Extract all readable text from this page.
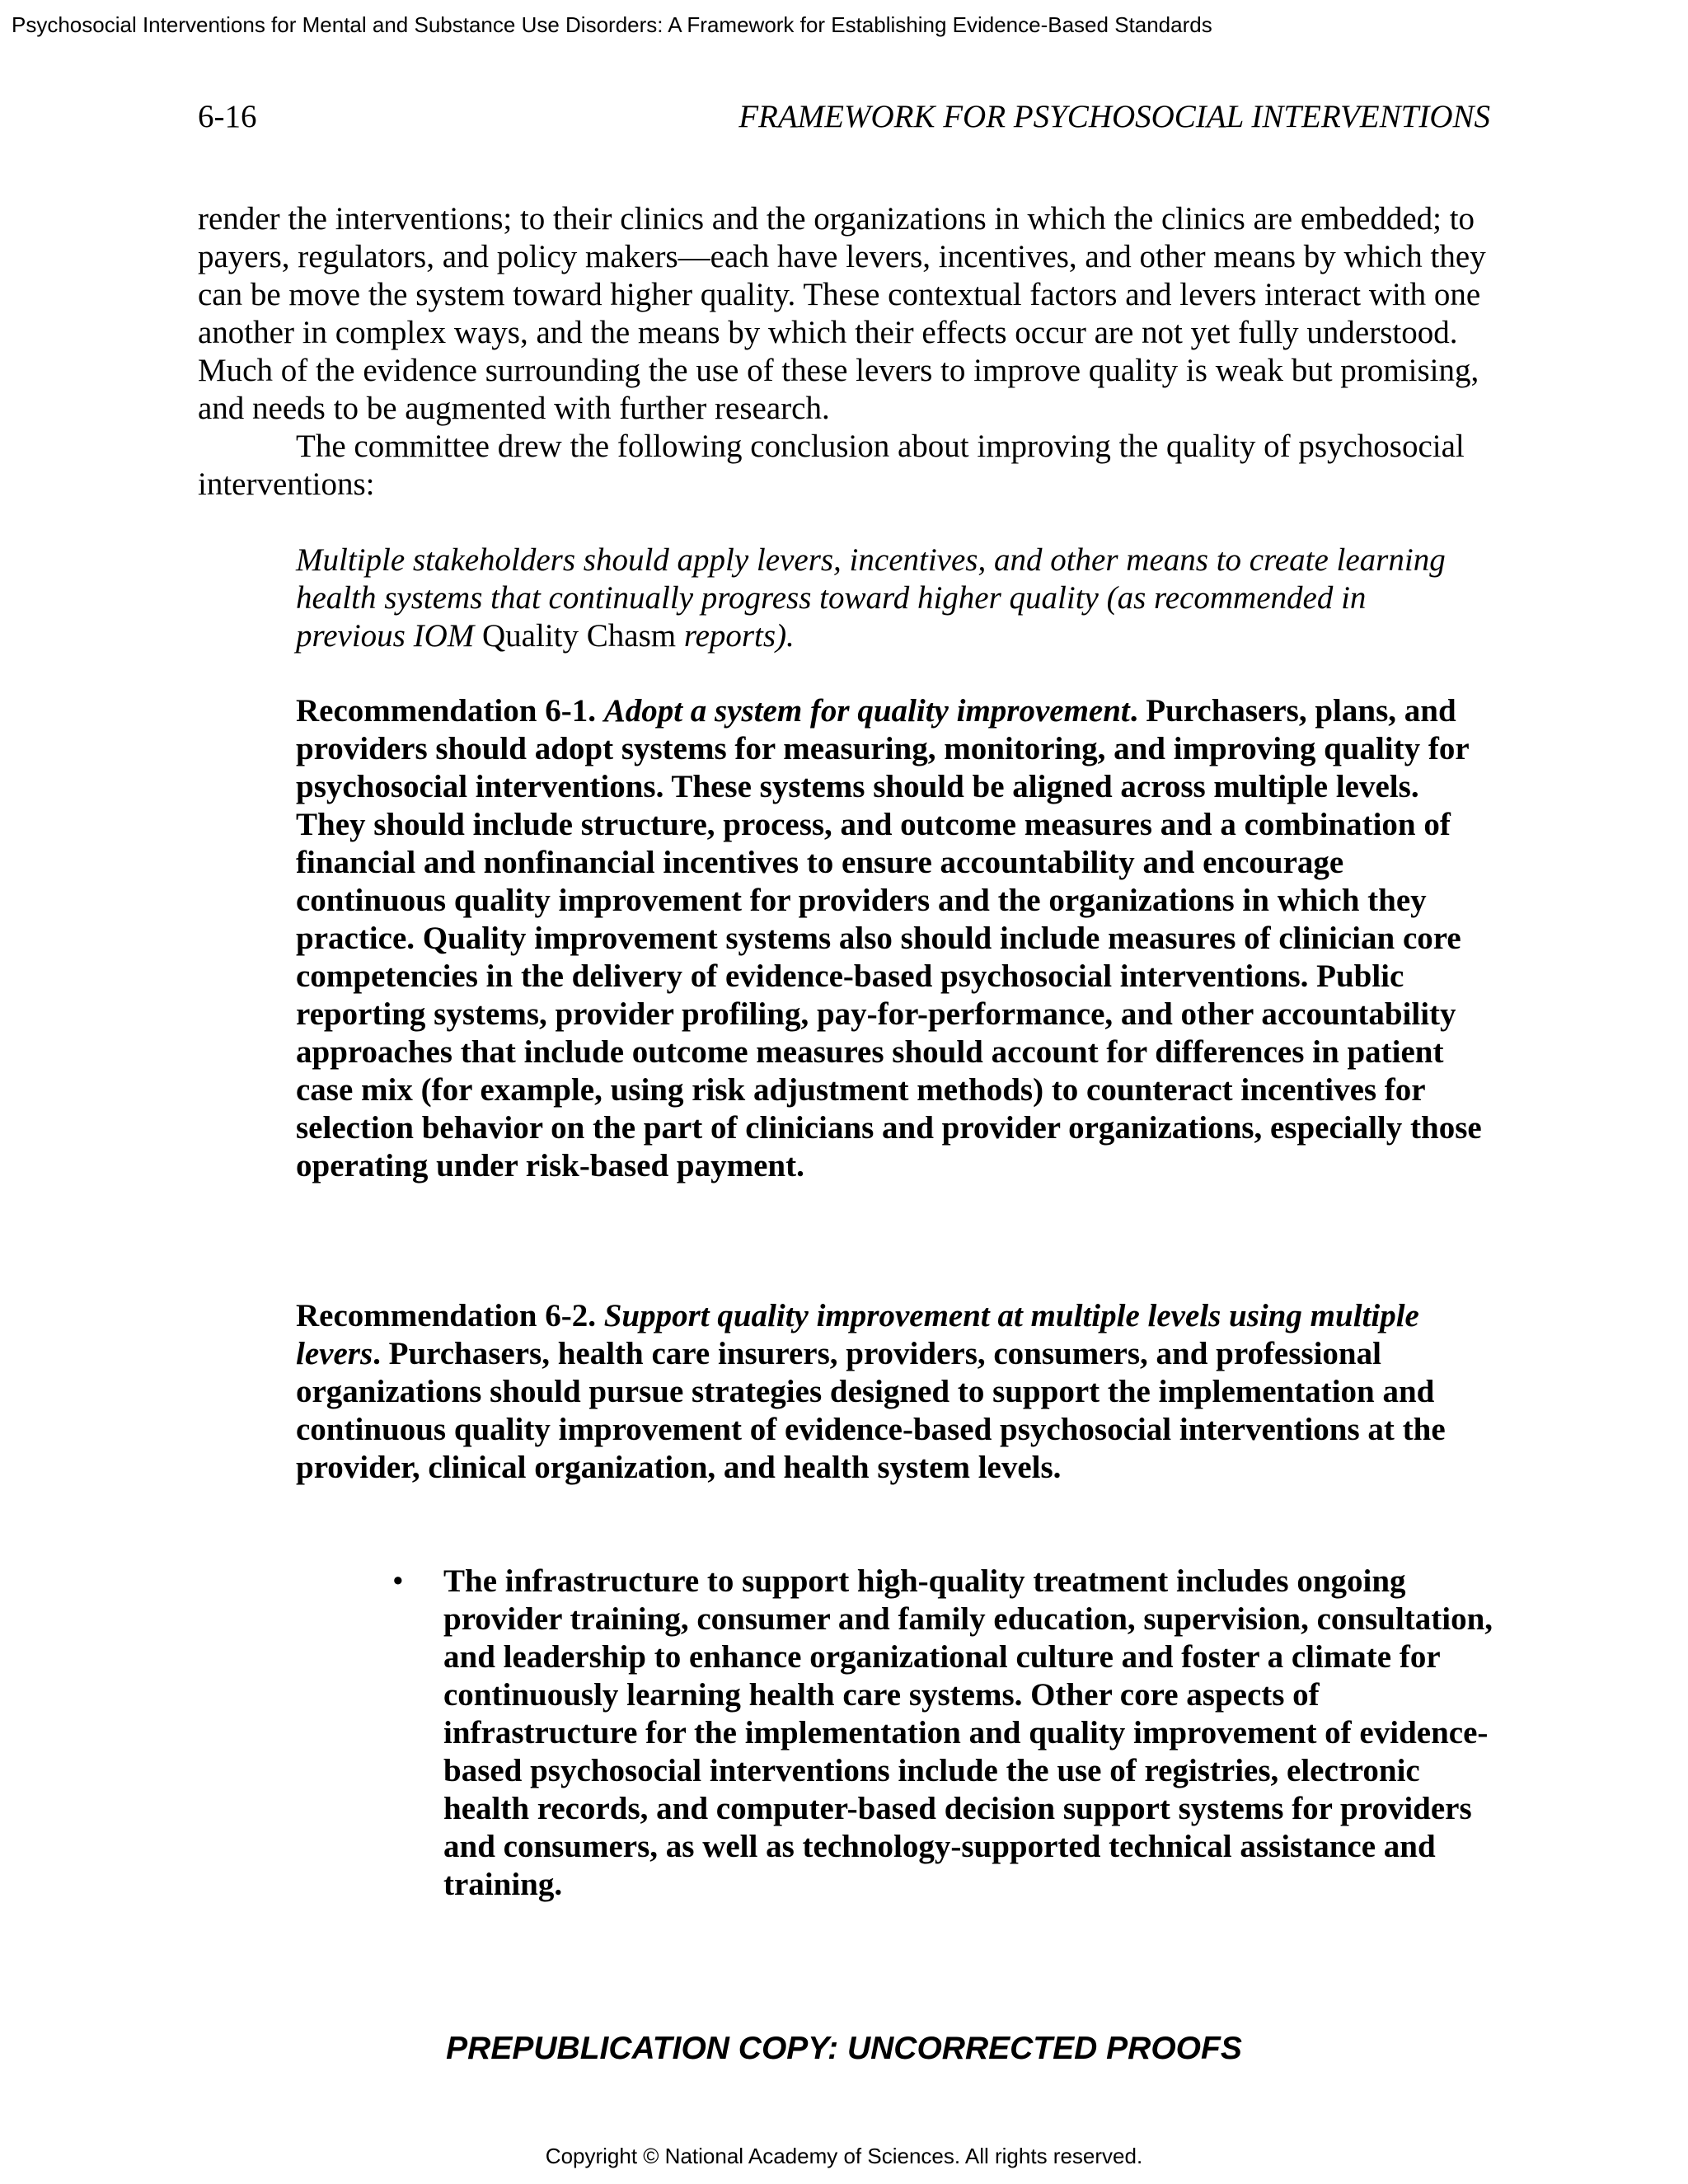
Psychosocial Interventions for Mental and Substance Use Disorders: A Framework for Establishing Evidence-Based Standards
6-16	FRAMEWORK FOR PSYCHOSOCIAL INTERVENTIONS

render the interventions; to their clinics and the organizations in which the clinics are embedded; to payers, regulators, and policy makers—each have levers, incentives, and other means by which they can be move the system toward higher quality. These contextual factors and levers interact with one another in complex ways, and the means by which their effects occur are not yet fully understood. Much of the evidence surrounding the use of these levers to improve quality is weak but promising, and needs to be augmented with further research.

The committee drew the following conclusion about improving the quality of psychosocial interventions:

Multiple stakeholders should apply levers, incentives, and other means to create learning health systems that continually progress toward higher quality (as recommended in previous IOM Quality Chasm reports).

Recommendation 6-1. Adopt a system for quality improvement. Purchasers, plans, and providers should adopt systems for measuring, monitoring, and improving quality for psychosocial interventions. These systems should be aligned across multiple levels. They should include structure, process, and outcome measures and a combination of financial and nonfinancial incentives to ensure accountability and encourage continuous quality improvement for providers and the organizations in which they practice. Quality improvement systems also should include measures of clinician core competencies in the delivery of evidence-based psychosocial interventions. Public reporting systems, provider profiling, pay-for-performance, and other accountability approaches that include outcome measures should account for differences in patient case mix (for example, using risk adjustment methods) to counteract incentives for selection behavior on the part of clinicians and provider organizations, especially those operating under risk-based payment.

Recommendation 6-2. Support quality improvement at multiple levels using multiple levers. Purchasers, health care insurers, providers, consumers, and professional organizations should pursue strategies designed to support the implementation and continuous quality improvement of evidence-based psychosocial interventions at the provider, clinical organization, and health system levels.

• The infrastructure to support high-quality treatment includes ongoing provider training, consumer and family education, supervision, consultation, and leadership to enhance organizational culture and foster a climate for continuously learning health care systems. Other core aspects of infrastructure for the implementation and quality improvement of evidence-based psychosocial interventions include the use of registries, electronic health records, and computer-based decision support systems for providers and consumers, as well as technology-supported technical assistance and training.

PREPUBLICATION COPY: UNCORRECTED PROOFS
Copyright © National Academy of Sciences. All rights reserved.
